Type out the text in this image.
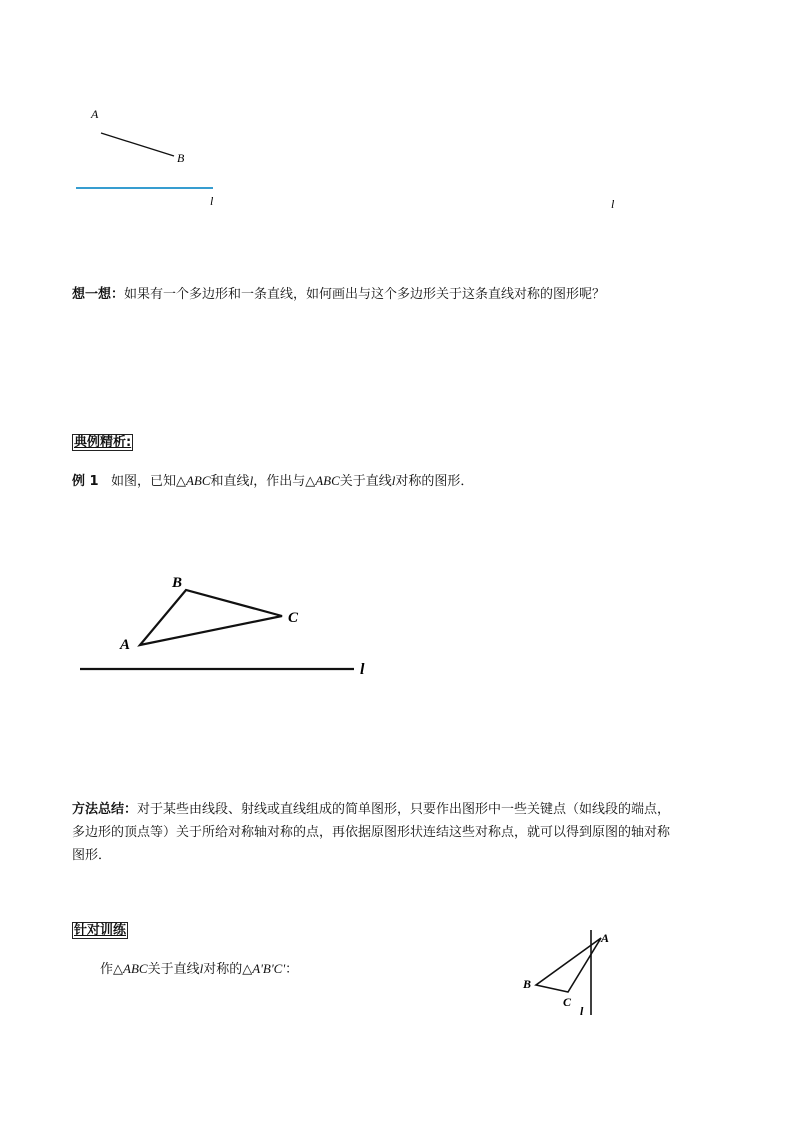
A
B
l	l
想一想：如果有一个多边形和一条直线，如何画出与这个多边形关于这条直线对称的图形呢？
典例精析:
例 1 如图，已知△ABC和直线l，作出与△ABC关于直线l对称的图形．
A
B
C
l
方法总结：对于某些由线段、射线或直线组成的简单图形，只要作出图形中一些关键点（如线段的端点，
多边形的顶点等）关于所给对称轴对称的点，再依据原图形状连结这些对称点，就可以得到原图的轴对称
图形．
针对训练
作△ABC关于直线l对称的△A'B'C'：
A
B
C
l
